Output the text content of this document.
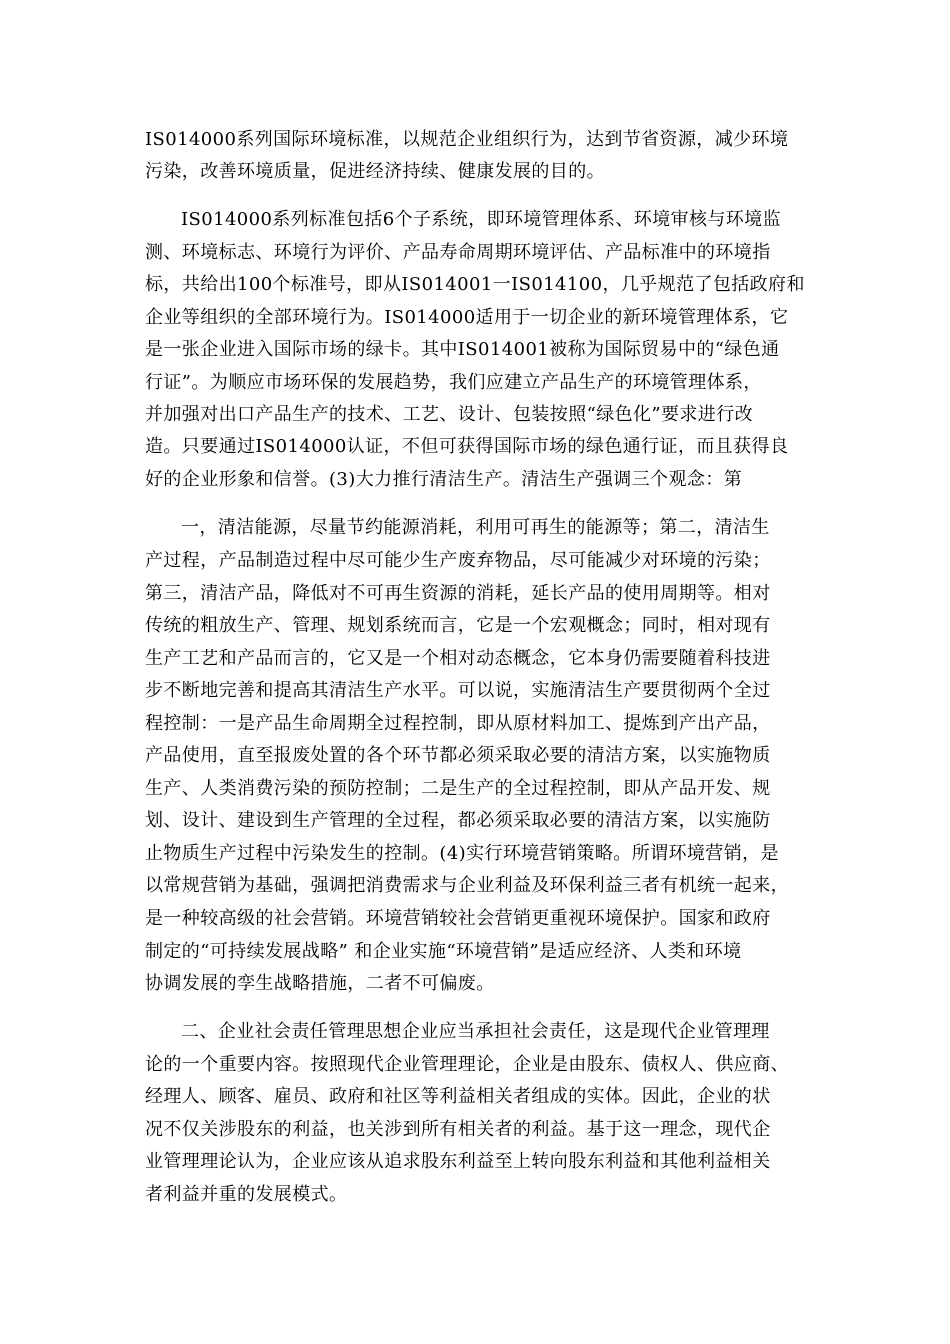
IS014000系列国际环境标准，以规范企业组织行为，达到节省资源，减少环境

污染，改善环境质量，促进经济持续、健康发展的目的。

IS014000系列标准包括6个子系统，即环境管理体系、环境审核与环境监

测、环境标志、环境行为评价、产品寿命周期环境评估、产品标准中的环境指

标，共给出100个标准号，即从IS014001一IS014100，几乎规范了包括政府和

企业等组织的全部环境行为。IS014000适用于一切企业的新环境管理体系，它

是一张企业进入国际市场的绿卡。其中IS014001被称为国际贸易中的“绿色通

行证”。为顺应市场环保的发展趋势，我们应建立产品生产的环境管理体系，

并加强对出口产品生产的技术、工艺、设计、包装按照“绿色化”要求进行改

造。只要通过IS014000认证，不但可获得国际市场的绿色通行证，而且获得良

好的企业形象和信誉。(3)大力推行清洁生产。清洁生产强调三个观念：第

一，清洁能源，尽量节约能源消耗，利用可再生的能源等；第二，清洁生

产过程，产品制造过程中尽可能少生产废弃物品，尽可能减少对环境的污染；

第三，清洁产品，降低对不可再生资源的消耗，延长产品的使用周期等。相对

传统的粗放生产、管理、规划系统而言，它是一个宏观概念；同时，相对现有

生产工艺和产品而言的，它又是一个相对动态概念，它本身仍需要随着科技进

步不断地完善和提高其清洁生产水平。可以说，实施清洁生产要贯彻两个全过

程控制：一是产品生命周期全过程控制，即从原材料加工、提炼到产出产品，

产品使用，直至报废处置的各个环节都必须采取必要的清洁方案，以实施物质

生产、人类消费污染的预防控制；二是生产的全过程控制，即从产品开发、规

划、设计、建设到生产管理的全过程，都必须采取必要的清洁方案，以实施防

止物质生产过程中污染发生的控制。(4)实行环境营销策略。所谓环境营销，是

以常规营销为基础，强调把消费需求与企业利益及环保利益三者有机统一起来，

是一种较高级的社会营销。环境营销较社会营销更重视环境保护。国家和政府

制定的“可持续发展战略” 和企业实施“环境营销”是适应经济、人类和环境

协调发展的孪生战略措施，二者不可偏废。

二、企业社会责任管理思想企业应当承担社会责任，这是现代企业管理理

论的一个重要内容。按照现代企业管理理论，企业是由股东、债权人、供应商、

经理人、顾客、雇员、政府和社区等利益相关者组成的实体。因此，企业的状

况不仅关涉股东的利益，也关涉到所有相关者的利益。基于这一理念，现代企

业管理理论认为，企业应该从追求股东利益至上转向股东利益和其他利益相关

者利益并重的发展模式。
